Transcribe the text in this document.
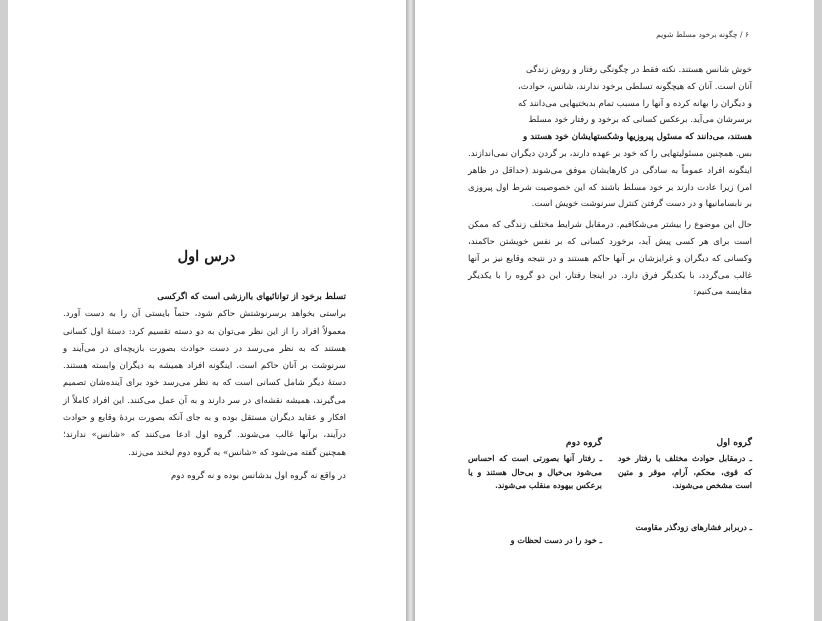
درس اول

تسلط برخود از توانائیهای باارزشی است که اگرکسی

براستی بخواهد برسرنوشتش حاکم شود، حتماً بایستی آن را به دست آورد. معمولاً افراد را از این نظر می‌توان به دو دسته تقسیم کرد: دستهٔ اول کسانی هستند که به نظر می‌رسد در دست حوادث بصورت بازیچه‌ای در می‌آیند و سرنوشت بر آنان حاکم است. اینگونه افراد همیشه به دیگران وابسته هستند. دستهٔ دیگر شامل کسانی است که به نظر می‌رسد خود برای آینده‌شان تصمیم می‌گیرند، همیشه نقشه‌ای در سر دارند و به آن عمل می‌کنند. این افراد کاملاً از افکار و عقاید دیگران مستقل بوده و به جای آنکه بصورت بردهٔ وقایع و حوادث درآیند، برآنها غالب می‌شوند. گروه اول ادعا می‌کنند که «شانس» ندارند؛ همچنین گفته می‌شود که «شانس» به گروه دوم لبخند می‌زند.

در واقع نه گروه اول بدشانس بوده و نه گروه دوم

۶ / چگونه برخود مسلط شویم

خوش شانس هستند. نکته فقط در چگونگی رفتار و روش زندگی

آنان است. آنان که هیچگونه تسلطی برخود ندارند، شانس، حوادث،

و دیگران را بهانه کرده و آنها را مسبب تمام بدبختیهایی می‌دانند که

برسرشان می‌آید. برعکس کسانی که برخود و رفتار خود مسلط

هستند، می‌دانند که مسئول پیروزیها وشکستهایشان خود هستند و

بس. همچنین مسئولیتهایی را که خود بر عهده دارند، بر گردن دیگران نمی‌اندازند. اینگونه افراد عموماً به سادگی در کارهایشان موفق می‌شوند (حداقل در ظاهر امر) زیرا عادت دارند بر خود مسلط باشند که این خصوصیت شرط اول پیروزی بر نابسامانیها و در دست گرفتن کنترل سرنوشت خویش است.

حال این موضوع را بیشتر می‌شکافیم. درمقابل شرایط مختلف زندگی که ممکن است برای هر کسی پیش آید، برخورد کسانی که بر نفس خویشتن حاکمند، وکسانی که دیگران و غرایزشان بر آنها حاکم هستند و در نتیجه وقایع نیز بر آنها غالب می‌گردد، با یکدیگر فرق دارد. در اینجا رفتار، این دو گروه را با یکدیگر مقایسه می‌کنیم:

گروه اول

ـ درمقابل حوادث مختلف با رفتار خود که قوی، محکم، آرام، موقر و متین است مشخص می‌شوند.

ـ دربرابر فشارهای زودگذر مقاومت

گروه دوم

ـ رفتار آنها بصورتی است که احساس می‌شود بی‌خیال و بی‌حال هستند و یا برعکس بیهوده منقلب می‌شوند.

ـ خود را در دست لحظات و
